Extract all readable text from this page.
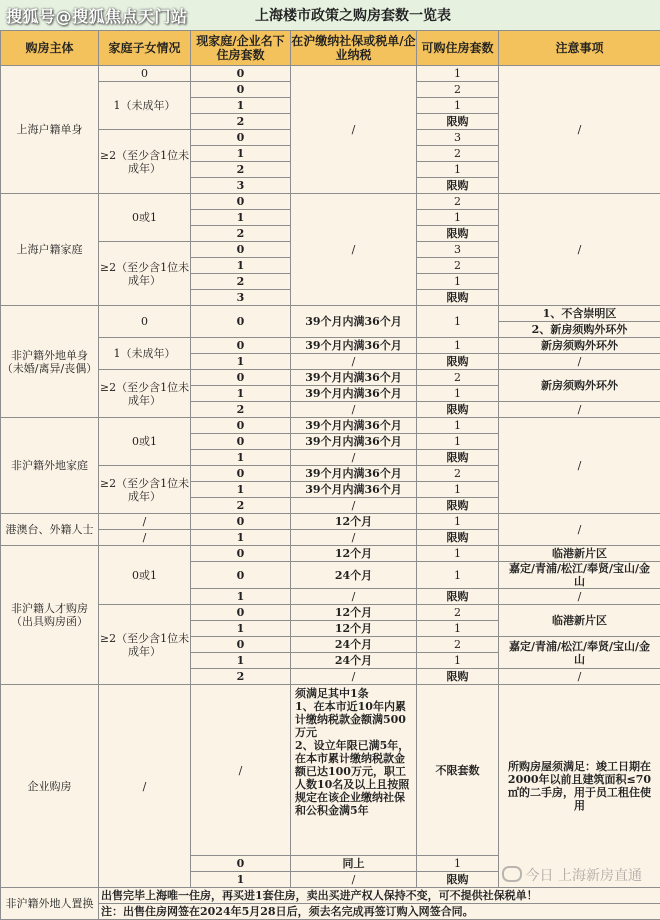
搜狐号@搜狐焦点天门站	上海楼市政策之购房套数一览表
购房主体	家庭子女情况	现家庭/企业名下住房套数	在沪缴纳社保或税单/企业纳税	可购住房套数	注意事项
上海户籍单身	0	0	/	1	/
	1（未成年）	0		2	
		1		1	
		2		限购	
	≥2（至少含1位未成年）	0		3	
		1		2	
		2		1	
		3		限购	
上海户籍家庭	0或1	0	/	2	/
		1		1	
		2		限购	
	≥2（至少含1位未成年）	0		3	
		1		2	
		2		1	
		3		限购	
非沪籍外地单身（未婚/离异/丧偶）	0	0	39个月内满36个月	1	1、不含崇明区
					2、新房须购外环外
	1（未成年）	0	39个月内满36个月	1	新房须购外环外
		1	/	限购	/
	≥2（至少含1位未成年）	0	39个月内满36个月	2	新房须购外环外
		1	39个月内满36个月	1	

		2	/	限购	/
非沪籍外地家庭	0或1	0	39个月内满36个月	1	/
		0	39个月内满36个月	1	
		1	/	限购	
	≥2（至少含1位未成年）	0	39个月内满36个月	2	
		1	39个月内满36个月	1	
		2	/	限购	
港澳台、外籍人士	/	0	12个月	1	/
	/	1	/	限购	
非沪籍人才购房（出具购房函）	0或1	0	12个月	1	临港新片区
		0	24个月	1	嘉定/青浦/松江/奉贤/宝山/金山

		1	/	限购	/
	≥2（至少含1位未成年）	0	12个月	2	临港新片区
		1	12个月	1	
		0	24个月	2	嘉定/青浦/松江/奉贤/宝山/金山
		1	24个月	1	
		2	/	限购	/
企业购房	/	/	须满足其中1条
1、在本市近10年内累计缴纳税款金额满500万元
2、设立年限已满5年，在本市累计缴纳税款金额已达100万元，职工人数10名及以上且按照规定在该企业缴纳社保和公积金满5年	不限套数	所购房屋须满足：竣工日期在2000年以前且建筑面积≤70㎡的二手房，用于员工租住使用
		0	同上	1	
		1	/	限购	
非沪籍外地人置换	出售完毕上海唯一住房，再买进1套住房，卖出买进产权人保持不变，可不提供社保税单！				
	注：出售住房网签在2024年5月28日后，须去名完成再签订购入网签合同。				
今日 上海新房直通
